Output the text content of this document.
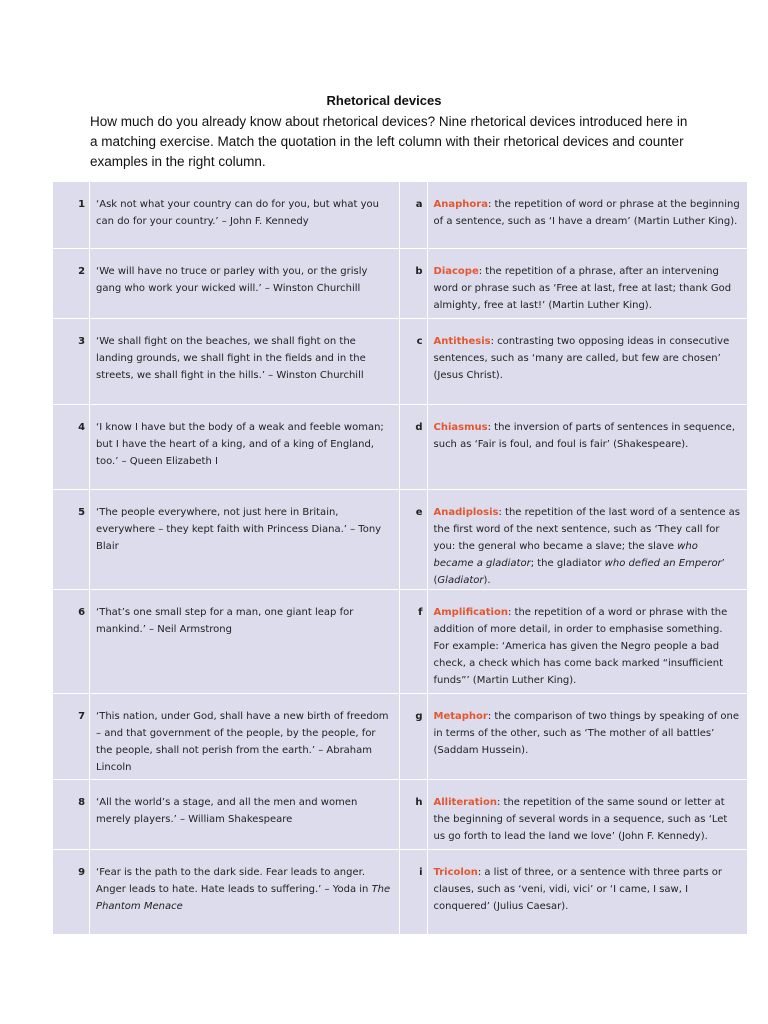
Rhetorical devices
How much do you already know about rhetorical devices? Nine rhetorical devices introduced here in a matching exercise. Match the quotation in the left column with their rhetorical devices and counter examples in the right column.
1	‘Ask not what your country can do for you, but what you can do for your country.’ – John F. Kennedy	a	Anaphora: the repetition of word or phrase at the beginning of a sentence, such as ‘I have a dream’ (Martin Luther King).
2	‘We will have no truce or parley with you, or the grisly gang who work your wicked will.’ – Winston Churchill	b	Diacope: the repetition of a phrase, after an intervening word or phrase such as ‘Free at last, free at last; thank God almighty, free at last!’ (Martin Luther King).
3	‘We shall fight on the beaches, we shall fight on the landing grounds, we shall fight in the fields and in the streets, we shall fight in the hills.’ – Winston Churchill	c	Antithesis: contrasting two opposing ideas in consecutive sentences, such as ‘many are called, but few are chosen’ (Jesus Christ).
4	‘I know I have but the body of a weak and feeble woman; but I have the heart of a king, and of a king of England, too.’ – Queen Elizabeth I	d	Chiasmus: the inversion of parts of sentences in sequence, such as ‘Fair is foul, and foul is fair’ (Shakespeare).
5	‘The people everywhere, not just here in Britain, everywhere – they kept faith with Princess Diana.’ – Tony Blair	e	Anadiplosis: the repetition of the last word of a sentence as the first word of the next sentence, such as ‘They call for you: the general who became a slave; the slave who became a gladiator; the gladiator who defied an Emperor’ (Gladiator).
6	‘That’s one small step for a man, one giant leap for mankind.’ – Neil Armstrong	f	Amplification: the repetition of a word or phrase with the addition of more detail, in order to emphasise something. For example: ‘America has given the Negro people a bad check, a check which has come back marked “insufficient funds”’ (Martin Luther King).
7	‘This nation, under God, shall have a new birth of freedom – and that government of the people, by the people, for the people, shall not perish from the earth.’ – Abraham Lincoln	g	Metaphor: the comparison of two things by speaking of one in terms of the other, such as ‘The mother of all battles’ (Saddam Hussein).
8	‘All the world’s a stage, and all the men and women merely players.’ – William Shakespeare	h	Alliteration: the repetition of the same sound or letter at the beginning of several words in a sequence, such as ‘Let us go forth to lead the land we love’ (John F. Kennedy).
9	‘Fear is the path to the dark side. Fear leads to anger. Anger leads to hate. Hate leads to suffering.’ – Yoda in The Phantom Menace	i	Tricolon: a list of three, or a sentence with three parts or clauses, such as ‘veni, vidi, vici’ or ‘I came, I saw, I conquered’ (Julius Caesar).
